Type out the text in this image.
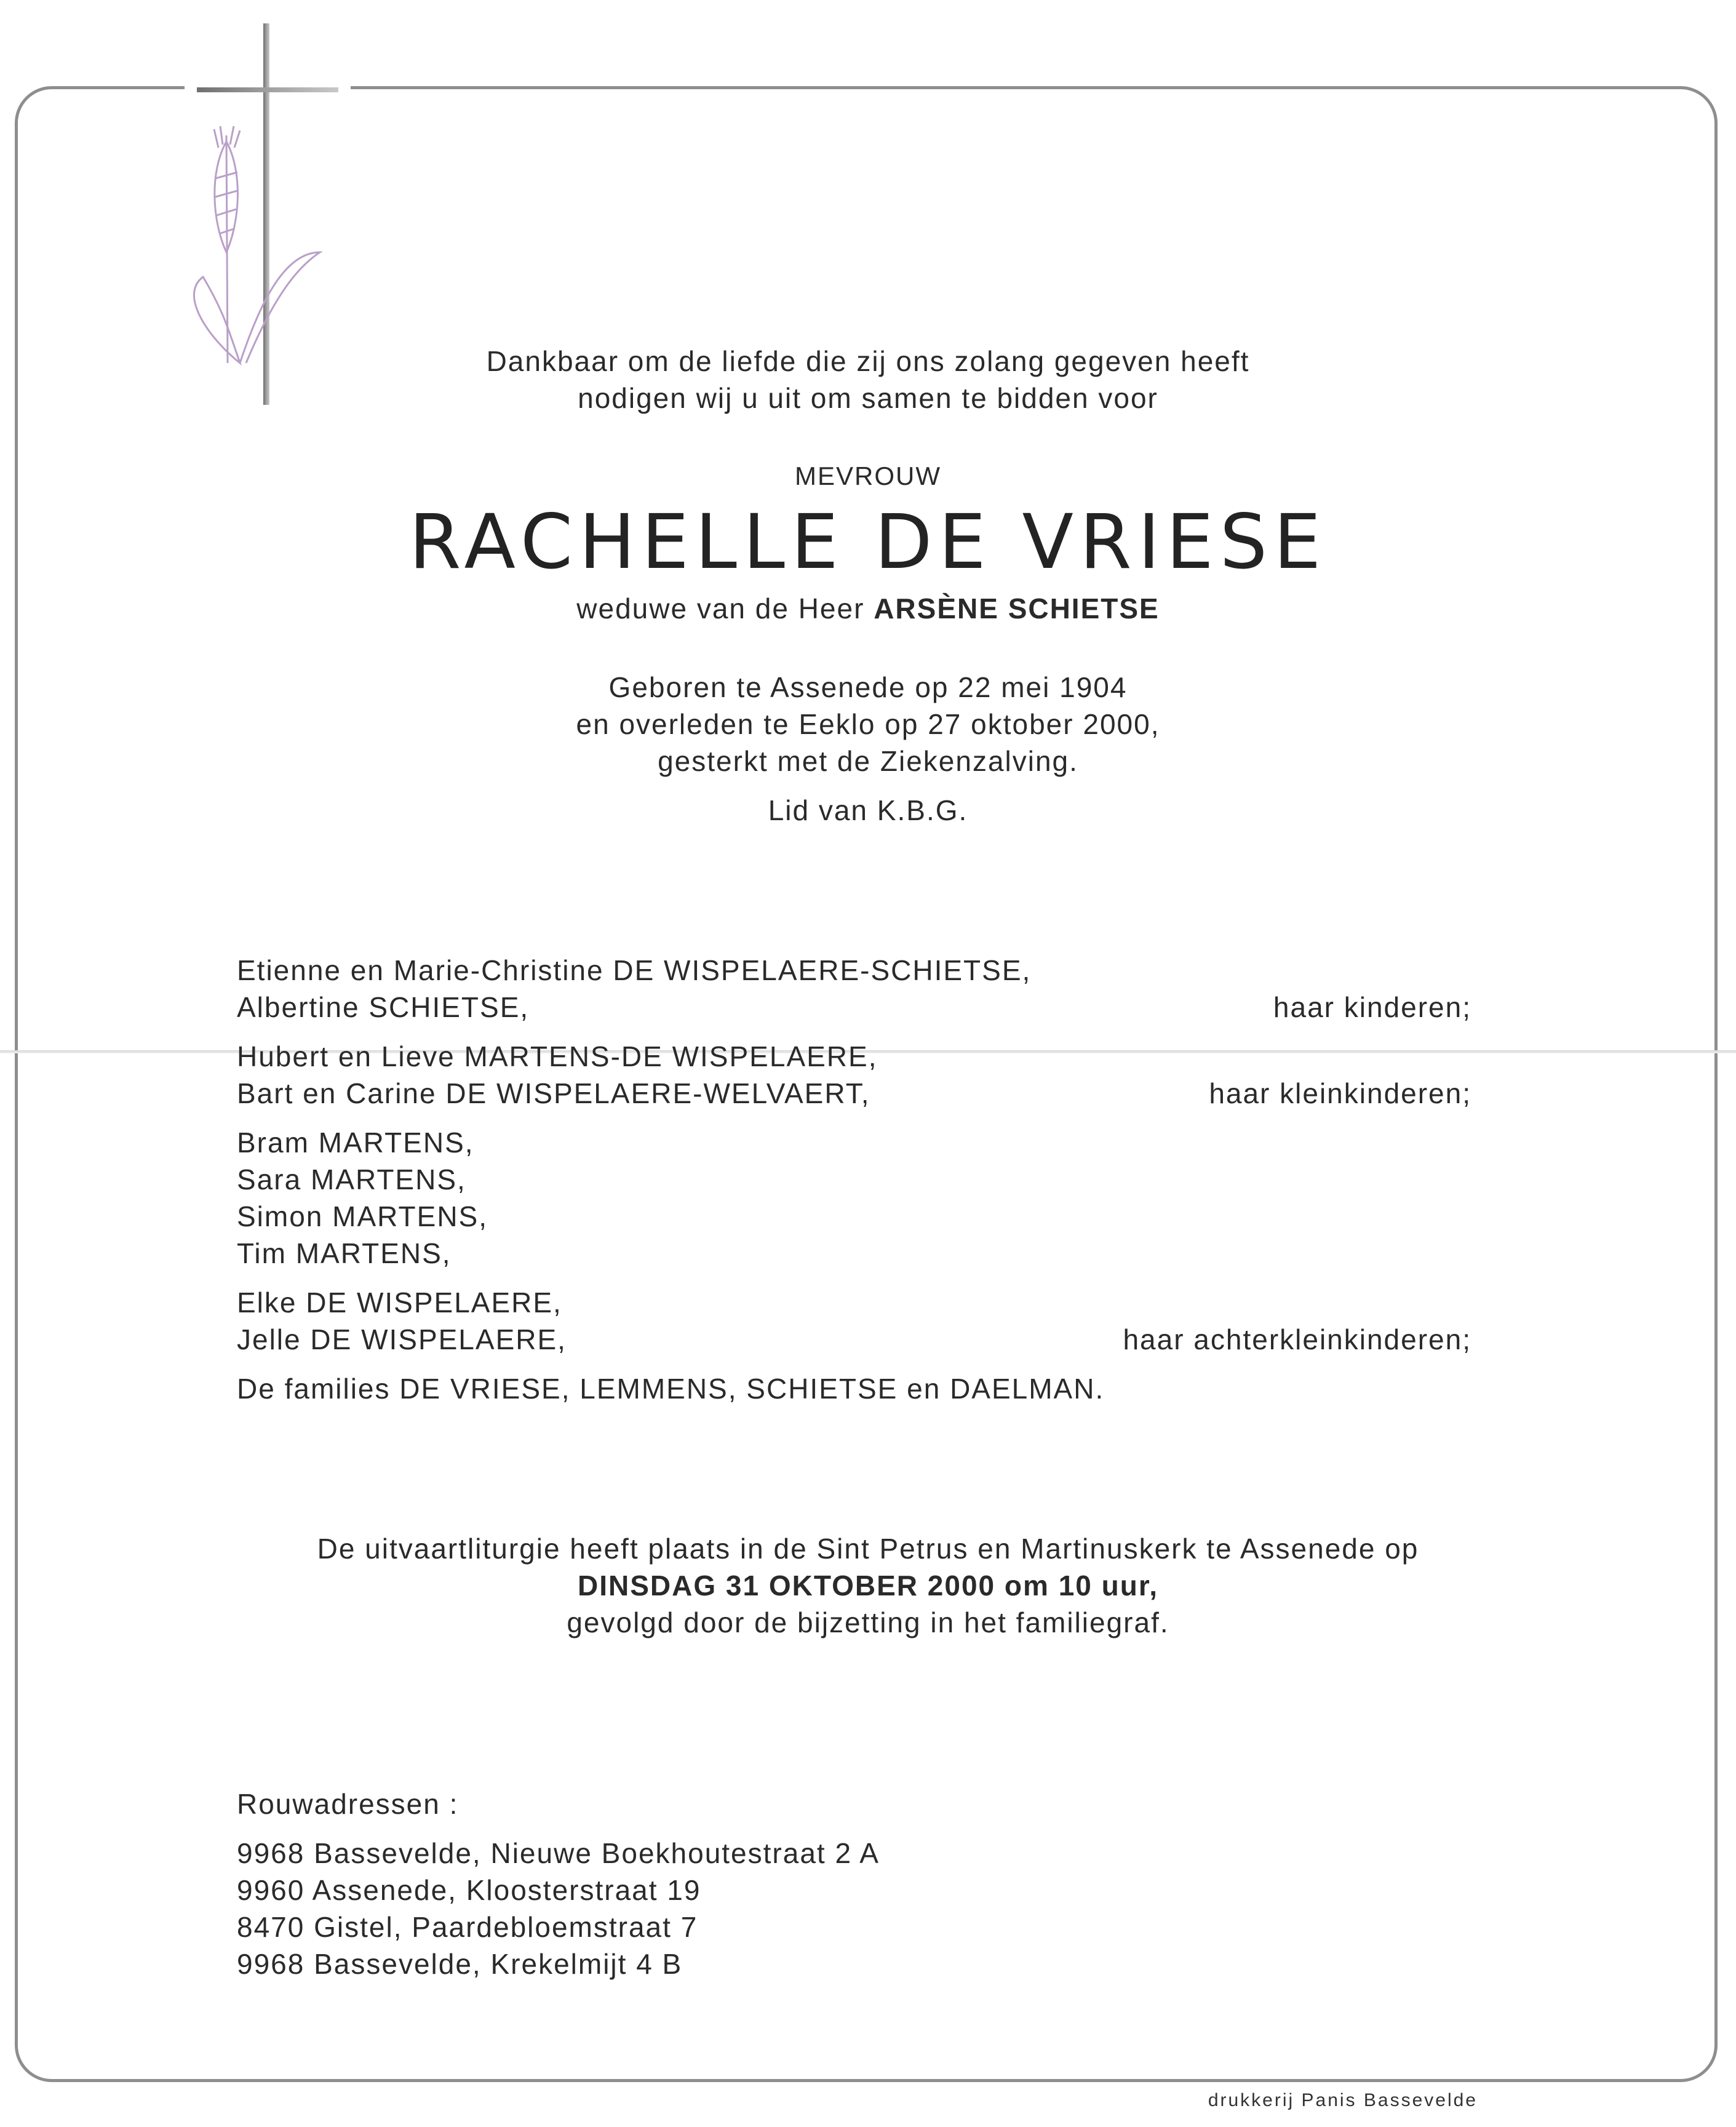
Dankbaar om de liefde die zij ons zolang gegeven heeft
nodigen wij u uit om samen te bidden voor
MEVROUW
RACHELLE DE VRIESE
weduwe van de Heer ARSÈNE SCHIETSE
Geboren te Assenede op 22 mei 1904
en overleden te Eeklo op 27 oktober 2000,
gesterkt met de Ziekenzalving.
Lid van K.B.G.
Etienne en Marie-Christine DE WISPELAERE-SCHIETSE,
Albertine SCHIETSE,	haar kinderen;
Hubert en Lieve MARTENS-DE WISPELAERE,
Bart en Carine DE WISPELAERE-WELVAERT,	haar kleinkinderen;
Bram MARTENS,
Sara MARTENS,
Simon MARTENS,
Tim MARTENS,
Elke DE WISPELAERE,
Jelle DE WISPELAERE,	haar achterkleinkinderen;
De families DE VRIESE, LEMMENS, SCHIETSE en DAELMAN.
De uitvaartliturgie heeft plaats in de Sint Petrus en Martinuskerk te Assenede op
DINSDAG 31 OKTOBER 2000 om 10 uur,
gevolgd door de bijzetting in het familiegraf.
Rouwadressen :
9968 Bassevelde, Nieuwe Boekhoutestraat 2 A
9960 Assenede, Kloosterstraat 19
8470 Gistel, Paardebloemstraat 7
9968 Bassevelde, Krekelmijt 4 B
drukkerij Panis Bassevelde
